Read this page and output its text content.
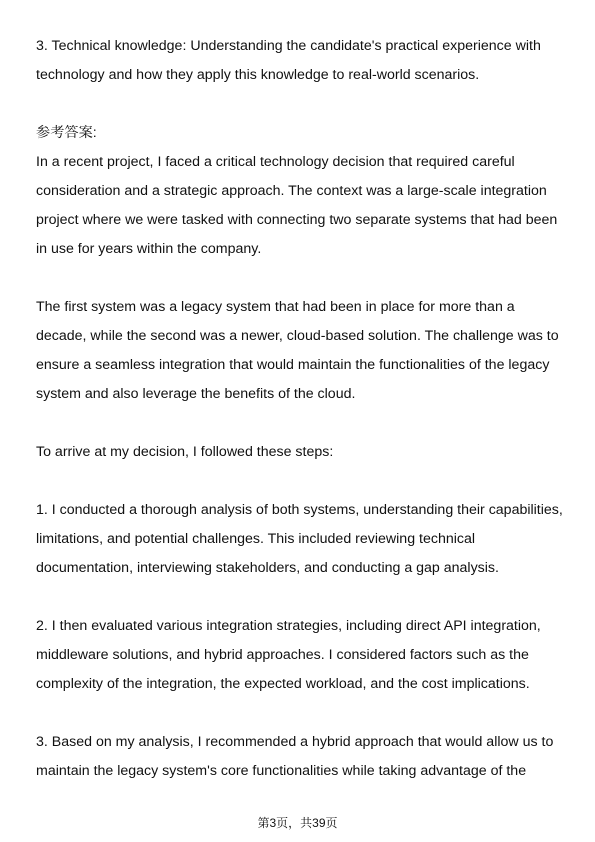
3. Technical knowledge: Understanding the candidate's practical experience with technology and how they apply this knowledge to real-world scenarios.

参考答案:
In a recent project, I faced a critical technology decision that required careful consideration and a strategic approach. The context was a large-scale integration project where we were tasked with connecting two separate systems that had been in use for years within the company.

The first system was a legacy system that had been in place for more than a decade, while the second was a newer, cloud-based solution. The challenge was to ensure a seamless integration that would maintain the functionalities of the legacy system and also leverage the benefits of the cloud.

To arrive at my decision, I followed these steps:

1. I conducted a thorough analysis of both systems, understanding their capabilities, limitations, and potential challenges. This included reviewing technical documentation, interviewing stakeholders, and conducting a gap analysis.

2. I then evaluated various integration strategies, including direct API integration, middleware solutions, and hybrid approaches. I considered factors such as the complexity of the integration, the expected workload, and the cost implications.

3. Based on my analysis, I recommended a hybrid approach that would allow us to maintain the legacy system's core functionalities while taking advantage of the

第3页，共39页
